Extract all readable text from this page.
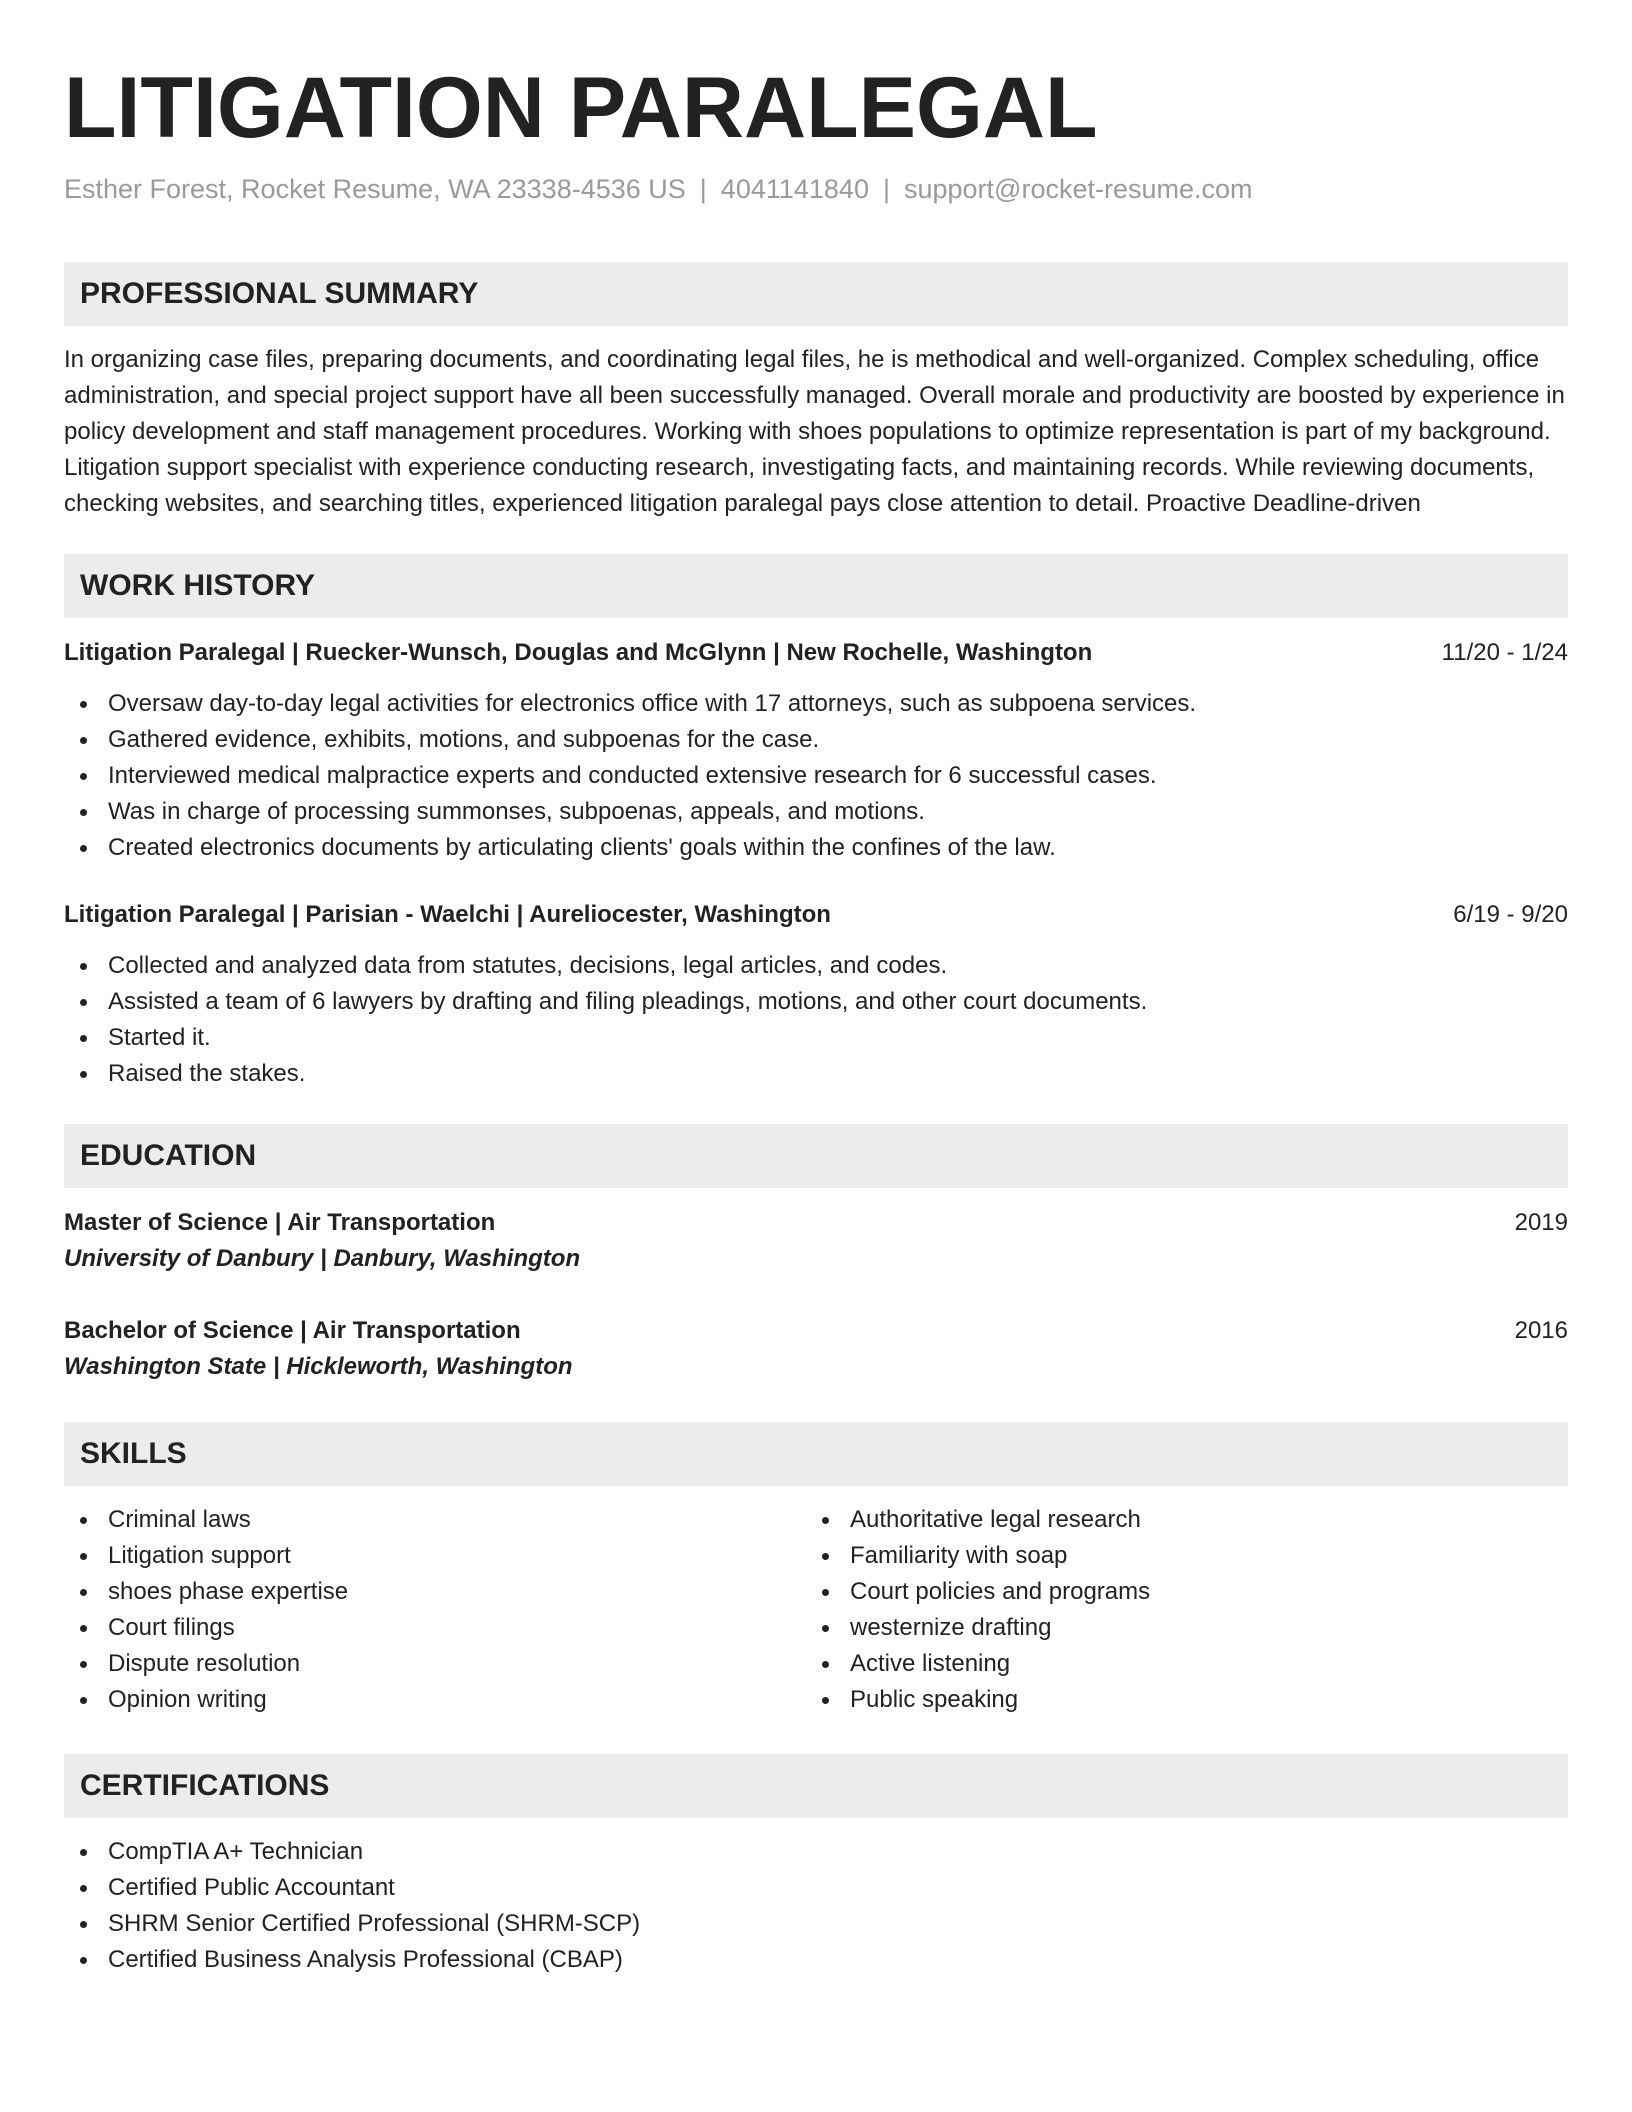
LITIGATION PARALEGAL
Esther Forest, Rocket Resume, WA 23338-4536 US | 4041141840 | support@rocket-resume.com
PROFESSIONAL SUMMARY

In organizing case files, preparing documents, and coordinating legal files, he is methodical and well-organized. Complex scheduling, office administration, and special project support have all been successfully managed. Overall morale and productivity are boosted by experience in policy development and staff management procedures. Working with shoes populations to optimize representation is part of my background. Litigation support specialist with experience conducting research, investigating facts, and maintaining records. While reviewing documents, checking websites, and searching titles, experienced litigation paralegal pays close attention to detail. Proactive Deadline-driven

WORK HISTORY
Litigation Paralegal | Ruecker-Wunsch, Douglas and McGlynn | New Rochelle, Washington	11/20 - 1/24
Oversaw day-to-day legal activities for electronics office with 17 attorneys, such as subpoena services.
Gathered evidence, exhibits, motions, and subpoenas for the case.
Interviewed medical malpractice experts and conducted extensive research for 6 successful cases.
Was in charge of processing summonses, subpoenas, appeals, and motions.
Created electronics documents by articulating clients' goals within the confines of the law.
Litigation Paralegal | Parisian - Waelchi | Aureliocester, Washington	6/19 - 9/20
Collected and analyzed data from statutes, decisions, legal articles, and codes.
Assisted a team of 6 lawyers by drafting and filing pleadings, motions, and other court documents.
Started it.
Raised the stakes.
EDUCATION
Master of Science | Air Transportation	2019
University of Danbury | Danbury, Washington
Bachelor of Science | Air Transportation	2016
Washington State | Hickleworth, Washington
SKILLS
Criminal laws
Litigation support
shoes phase expertise
Court filings
Dispute resolution
Opinion writing
Authoritative legal research
Familiarity with soap
Court policies and programs
westernize drafting
Active listening
Public speaking
CERTIFICATIONS
CompTIA A+ Technician
Certified Public Accountant
SHRM Senior Certified Professional (SHRM-SCP)
Certified Business Analysis Professional (CBAP)
